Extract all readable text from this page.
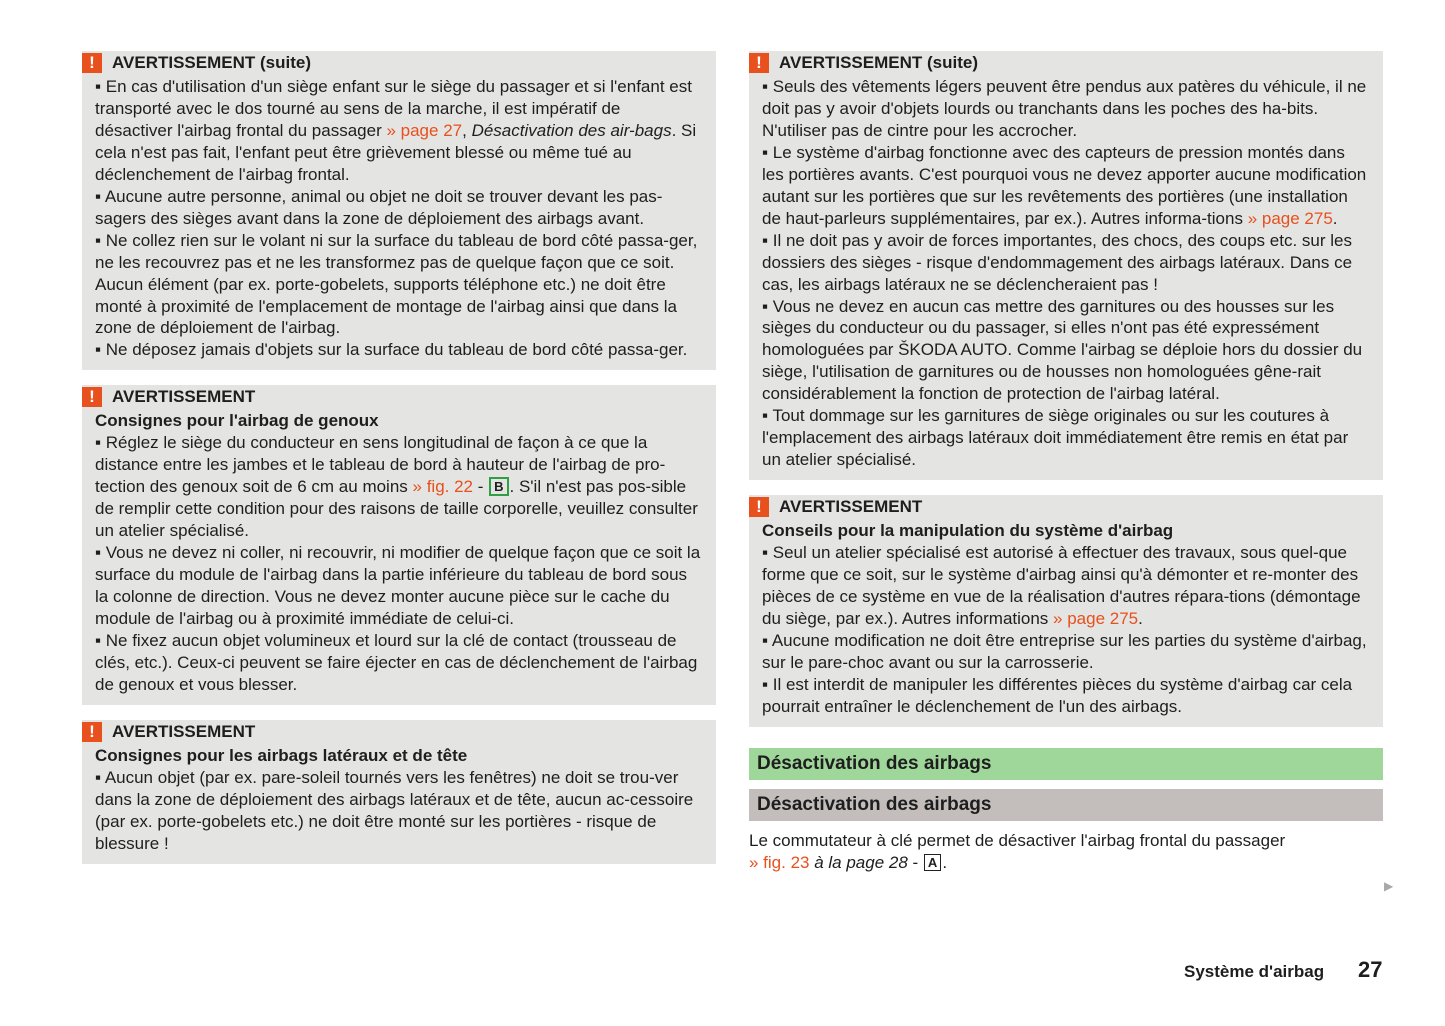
!	AVERTISSEMENT (suite)
▪ En cas d'utilisation d'un siège enfant sur le siège du passager et si l'enfant est transporté avec le dos tourné au sens de la marche, il est impératif de désactiver l'airbag frontal du passager » page 27, Désactivation des air-bags. Si cela n'est pas fait, l'enfant peut être grièvement blessé ou même tué au déclenchement de l'airbag frontal.
▪ Aucune autre personne, animal ou objet ne doit se trouver devant les pas-sagers des sièges avant dans la zone de déploiement des airbags avant.
▪ Ne collez rien sur le volant ni sur la surface du tableau de bord côté passa-ger, ne les recouvrez pas et ne les transformez pas de quelque façon que ce soit. Aucun élément (par ex. porte-gobelets, supports téléphone etc.) ne doit être monté à proximité de l'emplacement de montage de l'airbag ainsi que dans la zone de déploiement de l'airbag.
▪ Ne déposez jamais d'objets sur la surface du tableau de bord côté passa-ger.
!	AVERTISSEMENT
Consignes pour l'airbag de genoux
▪ Réglez le siège du conducteur en sens longitudinal de façon à ce que la distance entre les jambes et le tableau de bord à hauteur de l'airbag de pro-tection des genoux soit de 6 cm au moins » fig. 22 - B . S'il n'est pas pos-sible de remplir cette condition pour des raisons de taille corporelle, veuillez consulter un atelier spécialisé.
▪ Vous ne devez ni coller, ni recouvrir, ni modifier de quelque façon que ce soit la surface du module de l'airbag dans la partie inférieure du tableau de bord sous la colonne de direction. Vous ne devez monter aucune pièce sur le cache du module de l'airbag ou à proximité immédiate de celui-ci.
▪ Ne fixez aucun objet volumineux et lourd sur la clé de contact (trousseau de clés, etc.). Ceux-ci peuvent se faire éjecter en cas de déclenchement de l'airbag de genoux et vous blesser.
!	AVERTISSEMENT
Consignes pour les airbags latéraux et de tête
▪ Aucun objet (par ex. pare-soleil tournés vers les fenêtres) ne doit se trou-ver dans la zone de déploiement des airbags latéraux et de tête, aucun ac-cessoire (par ex. porte-gobelets etc.) ne doit être monté sur les portières - risque de blessure !
!	AVERTISSEMENT (suite)
▪ Seuls des vêtements légers peuvent être pendus aux patères du véhicule, il ne doit pas y avoir d'objets lourds ou tranchants dans les poches des ha-bits. N'utiliser pas de cintre pour les accrocher.
▪ Le système d'airbag fonctionne avec des capteurs de pression montés dans les portières avants. C'est pourquoi vous ne devez apporter aucune modification autant sur les portières que sur les revêtements des portières (une installation de haut-parleurs supplémentaires, par ex.). Autres informa-tions » page 275.
▪ Il ne doit pas y avoir de forces importantes, des chocs, des coups etc. sur les dossiers des sièges - risque d'endommagement des airbags latéraux. Dans ce cas, les airbags latéraux ne se déclencheraient pas !
▪ Vous ne devez en aucun cas mettre des garnitures ou des housses sur les sièges du conducteur ou du passager, si elles n'ont pas été expressément homologuées par ŠKODA AUTO. Comme l'airbag se déploie hors du dossier du siège, l'utilisation de garnitures ou de housses non homologuées gêne-rait considérablement la fonction de protection de l'airbag latéral.
▪ Tout dommage sur les garnitures de siège originales ou sur les coutures à l'emplacement des airbags latéraux doit immédiatement être remis en état par un atelier spécialisé.
!	AVERTISSEMENT
Conseils pour la manipulation du système d'airbag
▪ Seul un atelier spécialisé est autorisé à effectuer des travaux, sous quel-que forme que ce soit, sur le système d'airbag ainsi qu'à démonter et re-monter des pièces de ce système en vue de la réalisation d'autres répara-tions (démontage du siège, par ex.). Autres informations » page 275.
▪ Aucune modification ne doit être entreprise sur les parties du système d'airbag, sur le pare-choc avant ou sur la carrosserie.
▪ Il est interdit de manipuler les différentes pièces du système d'airbag car cela pourrait entraîner le déclenchement de l'un des airbags.
Désactivation des airbags
Désactivation des airbags
Le commutateur à clé permet de désactiver l'airbag frontal du passager
» fig. 23 à la page 28 - A .
▶
Système d'airbag 27
